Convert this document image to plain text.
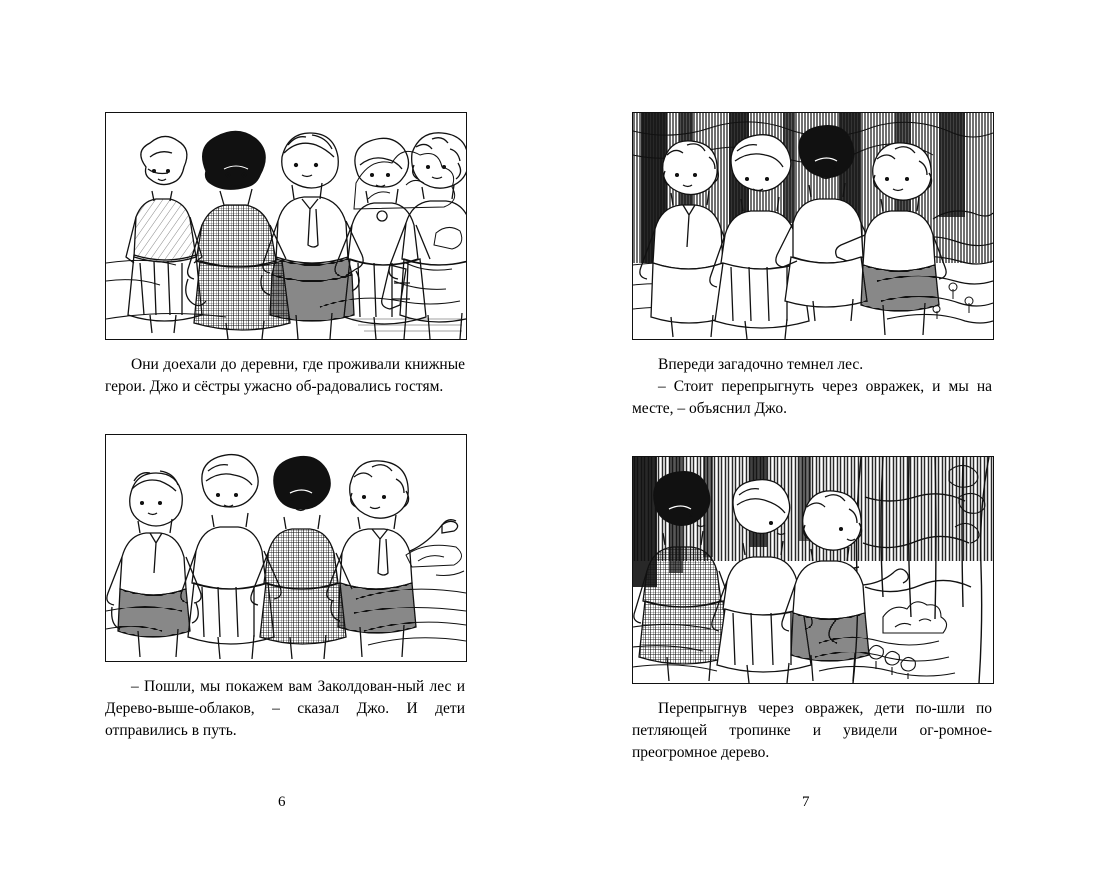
Они доехали до деревни, где проживали книжные герои. Джо и сёстры ужасно об-радовались гостям.

– Пошли, мы покажем вам Заколдован-ный лес и Дерево-выше-облаков, – сказал Джо. И дети отправились в путь.

6

Впереди загадочно темнел лес.

– Стоит перепрыгнуть через овражек, и мы на месте, – объяснил Джо.

Перепрыгнув через овражек, дети по-шли по петляющей тропинке и увидели ог-ромное-преогромное дерево.

7
